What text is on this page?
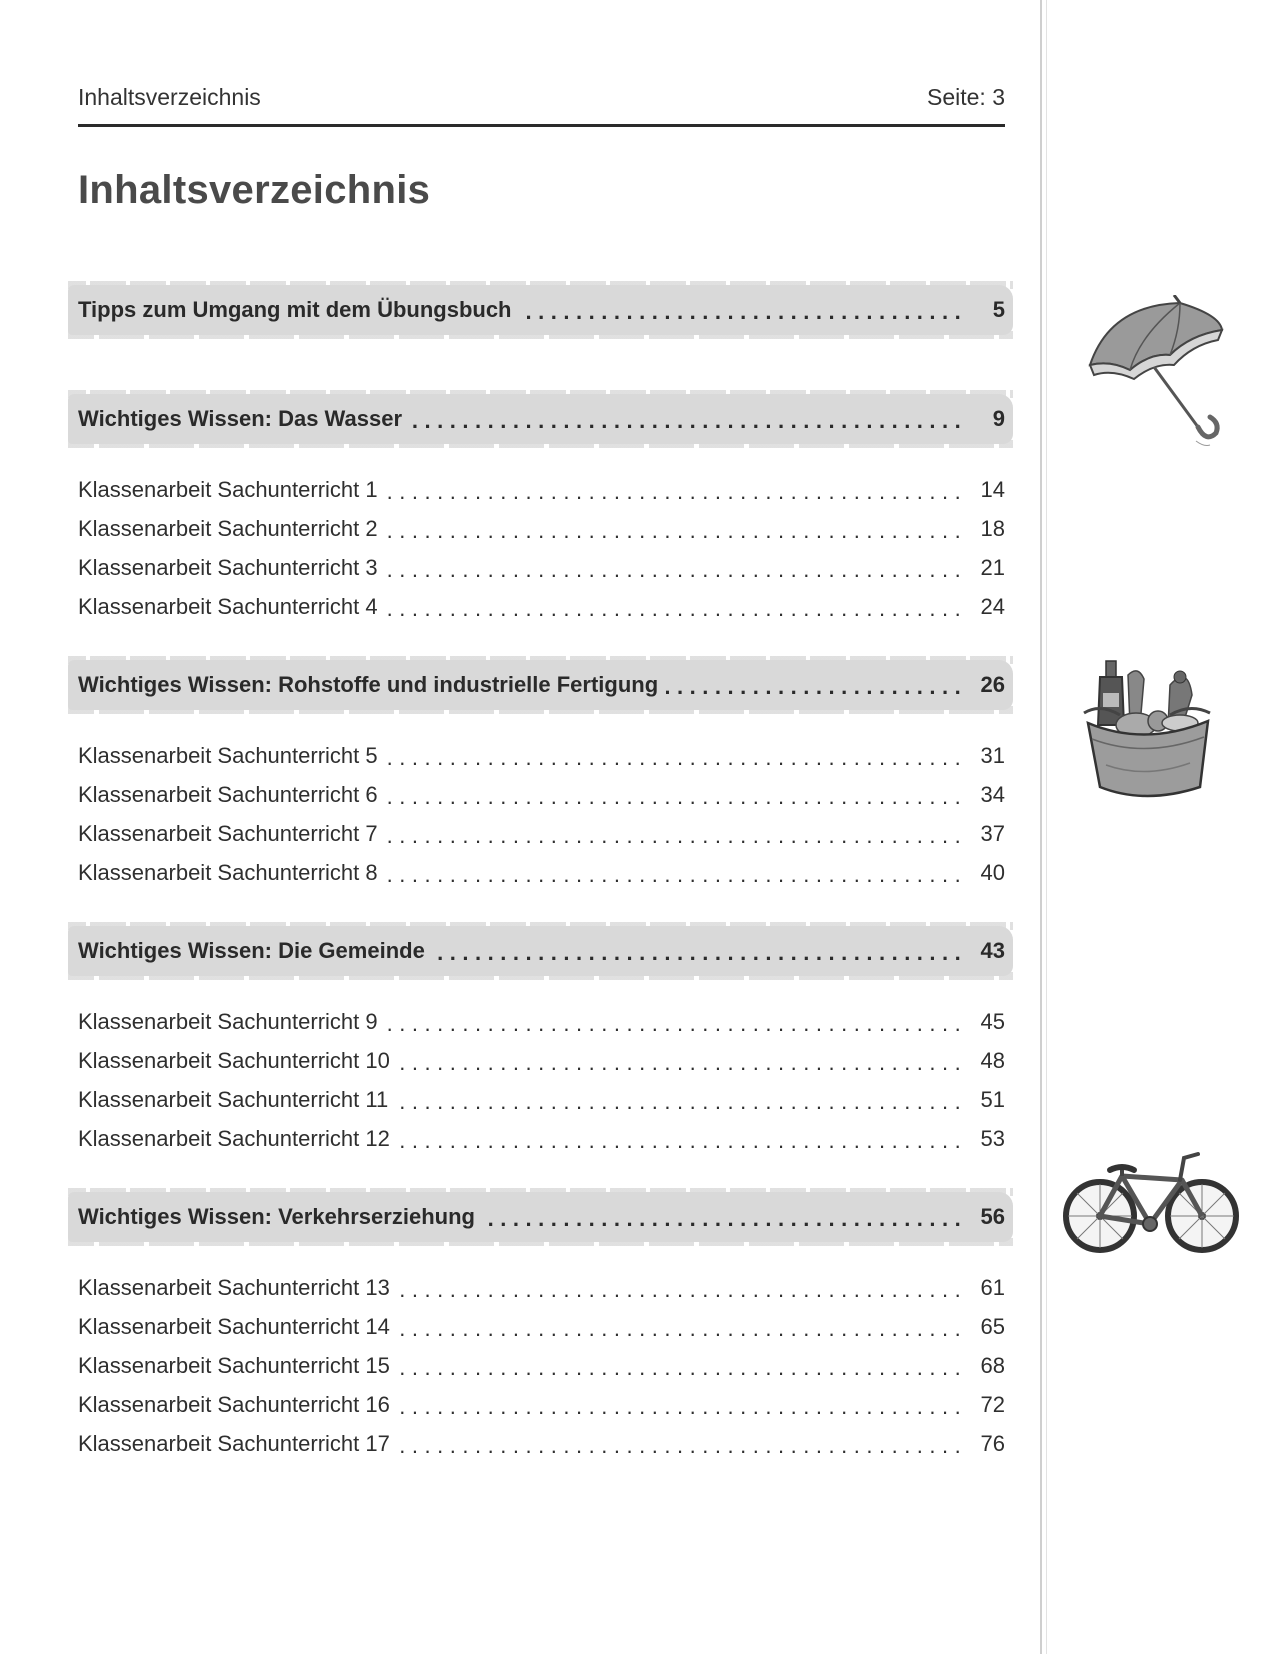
Inhaltsverzeichnis	Seite: 3
Inhaltsverzeichnis
Tipps zum Umgang mit dem Übungsbuch . . .	5
Wichtiges Wissen: Das Wasser . . .	9
Klassenarbeit Sachunterricht 1 . . .	14
Klassenarbeit Sachunterricht 2 . . .	18
Klassenarbeit Sachunterricht 3 . . .	21
Klassenarbeit Sachunterricht 4 . . .	24
Wichtiges Wissen: Rohstoffe und industrielle Fertigung . . .	26
Klassenarbeit Sachunterricht 5 . . .	31
Klassenarbeit Sachunterricht 6 . . .	34
Klassenarbeit Sachunterricht 7 . . .	37
Klassenarbeit Sachunterricht 8 . . .	40
Wichtiges Wissen: Die Gemeinde . . .	43
Klassenarbeit Sachunterricht 9 . . .	45
Klassenarbeit Sachunterricht 10 . . .	48
Klassenarbeit Sachunterricht 11 . . .	51
Klassenarbeit Sachunterricht 12 . . .	53
Wichtiges Wissen: Verkehrserziehung . . .	56
Klassenarbeit Sachunterricht 13 . . .	61
Klassenarbeit Sachunterricht 14 . . .	65
Klassenarbeit Sachunterricht 15 . . .	68
Klassenarbeit Sachunterricht 16 . . .	72
Klassenarbeit Sachunterricht 17 . . .	76
